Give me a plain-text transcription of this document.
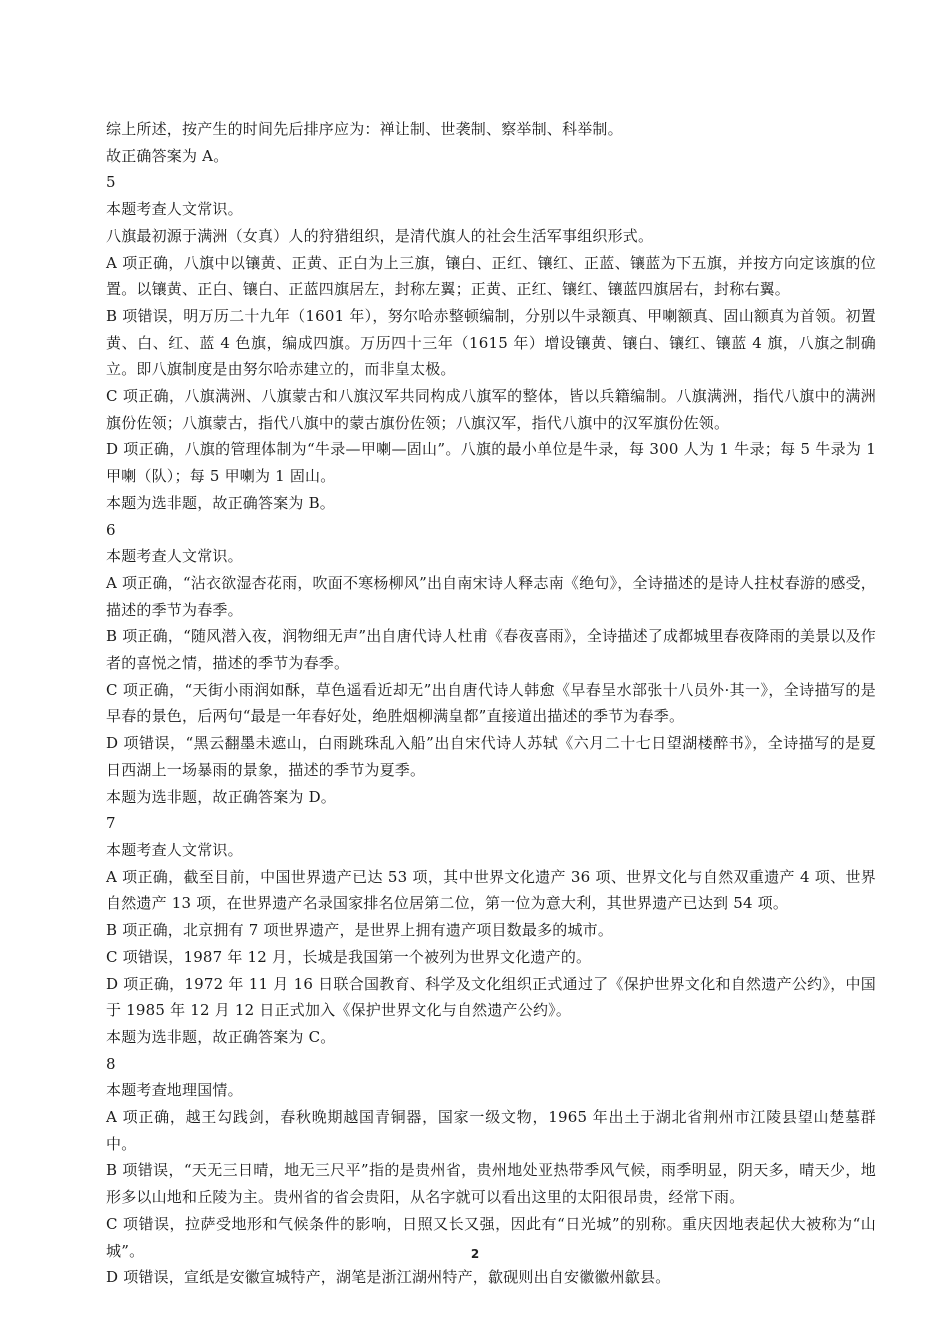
综上所述，按产生的时间先后排序应为：禅让制、世袭制、察举制、科举制。

故正确答案为 A。

5

本题考查人文常识。

八旗最初源于满洲（女真）人的狩猎组织，是清代旗人的社会生活军事组织形式。

A 项正确，八旗中以镶黄、正黄、正白为上三旗，镶白、正红、镶红、正蓝、镶蓝为下五旗，并按方向定该旗的位置。以镶黄、正白、镶白、正蓝四旗居左，封称左翼；正黄、正红、镶红、镶蓝四旗居右，封称右翼。

B 项错误，明万历二十九年（1601 年），努尔哈赤整顿编制，分别以牛录额真、甲喇额真、固山额真为首领。初置黄、白、红、蓝 4 色旗，编成四旗。万历四十三年（1615 年）增设镶黄、镶白、镶红、镶蓝 4 旗，八旗之制确立。即八旗制度是由努尔哈赤建立的，而非皇太极。

C 项正确，八旗满洲、八旗蒙古和八旗汉军共同构成八旗军的整体，皆以兵籍编制。八旗满洲，指代八旗中的满洲旗份佐领；八旗蒙古，指代八旗中的蒙古旗份佐领；八旗汉军，指代八旗中的汉军旗份佐领。

D 项正确，八旗的管理体制为“牛录—甲喇—固山”。八旗的最小单位是牛录，每 300 人为 1 牛录；每 5 牛录为 1 甲喇（队）；每 5 甲喇为 1 固山。

本题为选非题，故正确答案为 B。

6

本题考查人文常识。

A 项正确，“沾衣欲湿杏花雨，吹面不寒杨柳风”出自南宋诗人释志南《绝句》，全诗描述的是诗人拄杖春游的感受，描述的季节为春季。

B 项正确，“随风潜入夜，润物细无声”出自唐代诗人杜甫《春夜喜雨》，全诗描述了成都城里春夜降雨的美景以及作者的喜悦之情，描述的季节为春季。

C 项正确，“天街小雨润如酥，草色遥看近却无”出自唐代诗人韩愈《早春呈水部张十八员外·其一》，全诗描写的是早春的景色，后两句“最是一年春好处，绝胜烟柳满皇都”直接道出描述的季节为春季。

D 项错误，“黑云翻墨未遮山，白雨跳珠乱入船”出自宋代诗人苏轼《六月二十七日望湖楼醉书》，全诗描写的是夏日西湖上一场暴雨的景象，描述的季节为夏季。

本题为选非题，故正确答案为 D。

7

本题考查人文常识。

A 项正确，截至目前，中国世界遗产已达 53 项，其中世界文化遗产 36 项、世界文化与自然双重遗产 4 项、世界自然遗产 13 项，在世界遗产名录国家排名位居第二位，第一位为意大利，其世界遗产已达到 54 项。

B 项正确，北京拥有 7 项世界遗产，是世界上拥有遗产项目数最多的城市。

C 项错误，1987 年 12 月，长城是我国第一个被列为世界文化遗产的。

D 项正确，1972 年 11 月 16 日联合国教育、科学及文化组织正式通过了《保护世界文化和自然遗产公约》，中国于 1985 年 12 月 12 日正式加入《保护世界文化与自然遗产公约》。

本题为选非题，故正确答案为 C。

8

本题考查地理国情。

A 项正确，越王勾践剑，春秋晚期越国青铜器，国家一级文物，1965 年出土于湖北省荆州市江陵县望山楚墓群中。

B 项错误，“天无三日晴，地无三尺平”指的是贵州省，贵州地处亚热带季风气候，雨季明显，阴天多，晴天少，地形多以山地和丘陵为主。贵州省的省会贵阳，从名字就可以看出这里的太阳很昂贵，经常下雨。

C 项错误，拉萨受地形和气候条件的影响，日照又长又强，因此有“日光城”的别称。重庆因地表起伏大被称为“山城”。

D 项错误，宣纸是安徽宣城特产，湖笔是浙江湖州特产，歙砚则出自安徽徽州歙县。

2
